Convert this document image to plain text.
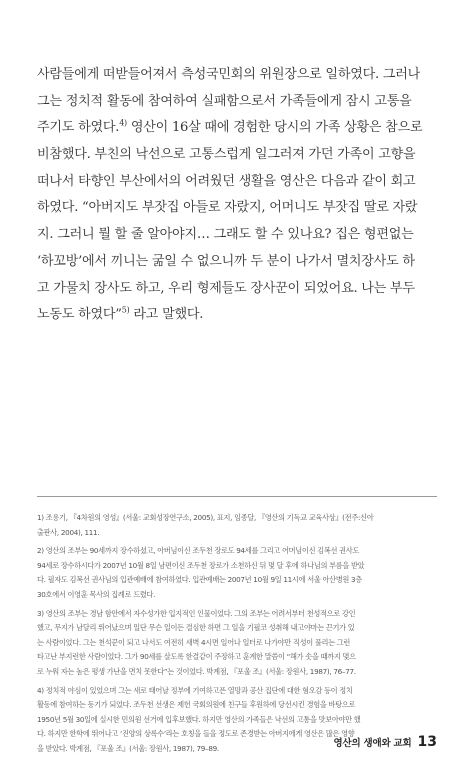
사람들에게 떠받들어져서 측성국민회의 위원장으로 일하였다. 그러나
그는 정치적 활동에 참여하여 실패함으로서 가족들에게 잠시 고통을
주기도 하였다.$^{4)}$ 영산이 16살 때에 경험한 당시의 가족 상황은 참으로
비참했다. 부친의 낙선으로 고통스럽게 일그러져 가던 가족이 고향을
떠나서 타향인 부산에서의 어려웠던 생활을 영산은 다음과 같이 회고
하였다. “아버지도 부잣집 아들로 자랐지, 어머니도 부잣집 딸로 자랐
지. 그러니 뭘 할 줄 알아야지… 그래도 할 수 있나요? 집은 형편없는
‘하꼬방’에서 끼니는 굶일 수 없으니까 두 분이 나가서 멸치장사도 하
고 가물치 장사도 하고, 우리 형제들도 장사꾼이 되었어요. 나는 부두
노동도 하였다”$^{5)}$ 라고 말했다.
1) 조용기, 『4차원의 영성』(서울: 교회성장연구소, 2005), 표지, 임종달, 『영산의 기독교 교육사상』(전주:신아
출판사, 2004), 111.
2) 영산의 조부는 90세까지 장수하셨고, 아버님이신 조두천 장로도 94세를 그리고 어머님이신 김복선 권사도
94세로 장수하시다가 2007년 10월 8일 남편이신 조두천 장로가 소천하신 뒤 몇 달 후에 하나님의 부름을 받았
다. 필자도 김복선 권사님의 입관예배에 참여하였다. 입관예배는 2007년 10월 9일 11시에 서울 아산병원 3층
30호에서 이영훈 목사의 집례로 드렸다.
3) 영산의 조부는 경남 함안에서 자수성가한 입지적인 인물이었다. 그의 조부는 어려서부터 천성적으로 강인
했고, 무지가 남달리 뛰어났으며 일단 무슨 일이든 결심한 하면 그 일을 기필코 성취해 내고야마는 끈기가 있
는 사람이었다. 그는 천석꾼이 되고 나서도 여전히 새벽 4시면 일어나 일터로 나가야만 직성이 풀리는 그런
타고난 부지런한 사람이었다. 그가 90세를 살도록 한결같이 주장하고 훈계한 말씀이 “해가 솟을 때까지 몇으
로 누워 자는 놈은 평생 가난을 면치 못한다”는 것이었다. 박계점, 『포울 조』(서울: 장원사, 1987), 76–77.
4) 정치적 야심이 있었으며 그는 새로 태어날 정부에 기여하고픈 열망과 공산 집단에 대한 혐오감 등이 정치
활동에 참여하는 동기가 되었다. 조두천 선생은 제헌 국회의원에 친구들 후원하에 당선시킨 경험을 바탕으로
1950년 5월 30일에 실시한 민의원 선거에 입후보했다. 하지만 영산의 가족들은 낙선의 고통을 맛보아야만 했
다. 하지만 한학에 뛰어나고 ‘진양의 상록수’라는 호칭을 들을 정도로 존경받는 아버지에게 영산은 많은 영향
을 받았다. 박계점, 『포울 조』(서울: 장원사, 1987), 79–89.	영산의 생애와 교회 13
